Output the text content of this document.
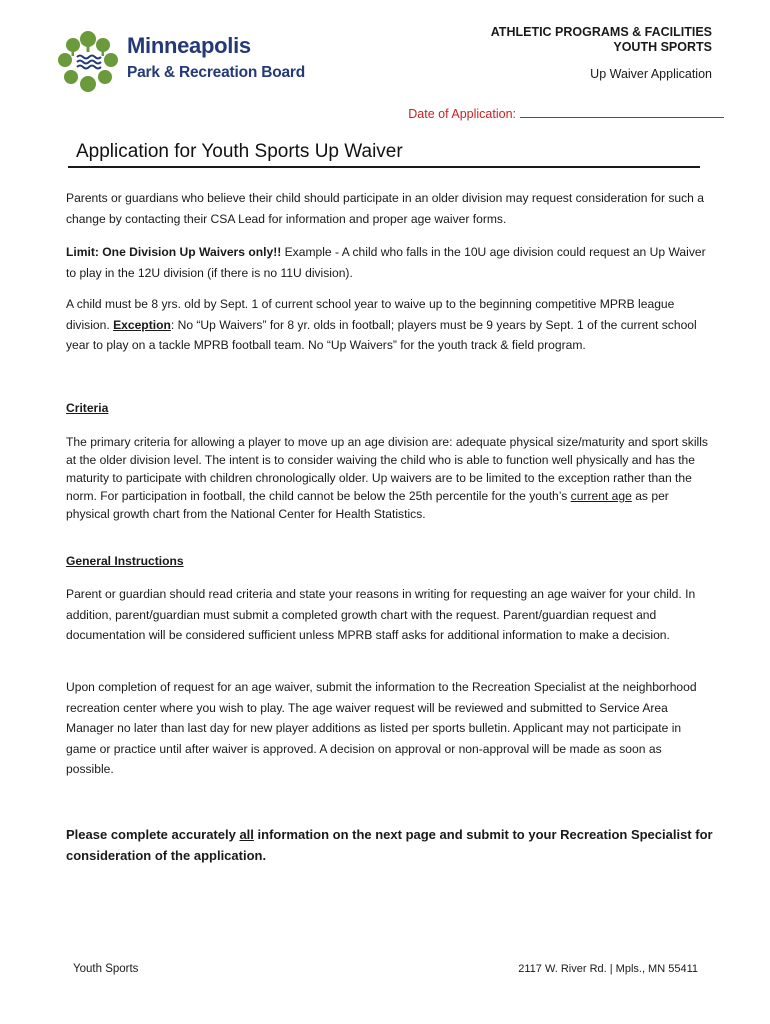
Minneapolis
Park & Recreation Board
ATHLETIC PROGRAMS & FACILITIES
YOUTH SPORTS
Up Waiver Application
Date of Application:
Application for Youth Sports Up Waiver
Parents or guardians who believe their child should participate in an older division may request consideration for such a change by contacting their CSA Lead for information and proper age waiver forms.
Limit: One Division Up Waivers only!! Example - A child who falls in the 10U age division could request an Up Waiver to play in the 12U division (if there is no 11U division).
A child must be 8 yrs. old by Sept. 1 of current school year to waive up to the beginning competitive MPRB league division. Exception: No “Up Waivers” for 8 yr. olds in football; players must be 9 years by Sept. 1 of the current school year to play on a tackle MPRB football team. No “Up Waivers” for the youth track & field program.
Criteria
The primary criteria for allowing a player to move up an age division are: adequate physical size/maturity and sport skills at the older division level. The intent is to consider waiving the child who is able to function well physically and has the maturity to participate with children chronologically older. Up waivers are to be limited to the exception rather than the norm. For participation in football, the child cannot be below the 25th percentile for the youth’s current age as per physical growth chart from the National Center for Health Statistics.
General Instructions
Parent or guardian should read criteria and state your reasons in writing for requesting an age waiver for your child. In addition, parent/guardian must submit a completed growth chart with the request. Parent/guardian request and documentation will be considered sufficient unless MPRB staff asks for additional information to make a decision.
Upon completion of request for an age waiver, submit the information to the Recreation Specialist at the neighborhood recreation center where you wish to play. The age waiver request will be reviewed and submitted to Service Area Manager no later than last day for new player additions as listed per sports bulletin. Applicant may not participate in game or practice until after waiver is approved. A decision on approval or non-approval will be made as soon as possible.
Please complete accurately all information on the next page and submit to your Recreation Specialist for consideration of the application.
Youth Sports	2117 W. River Rd. | Mpls., MN 55411
